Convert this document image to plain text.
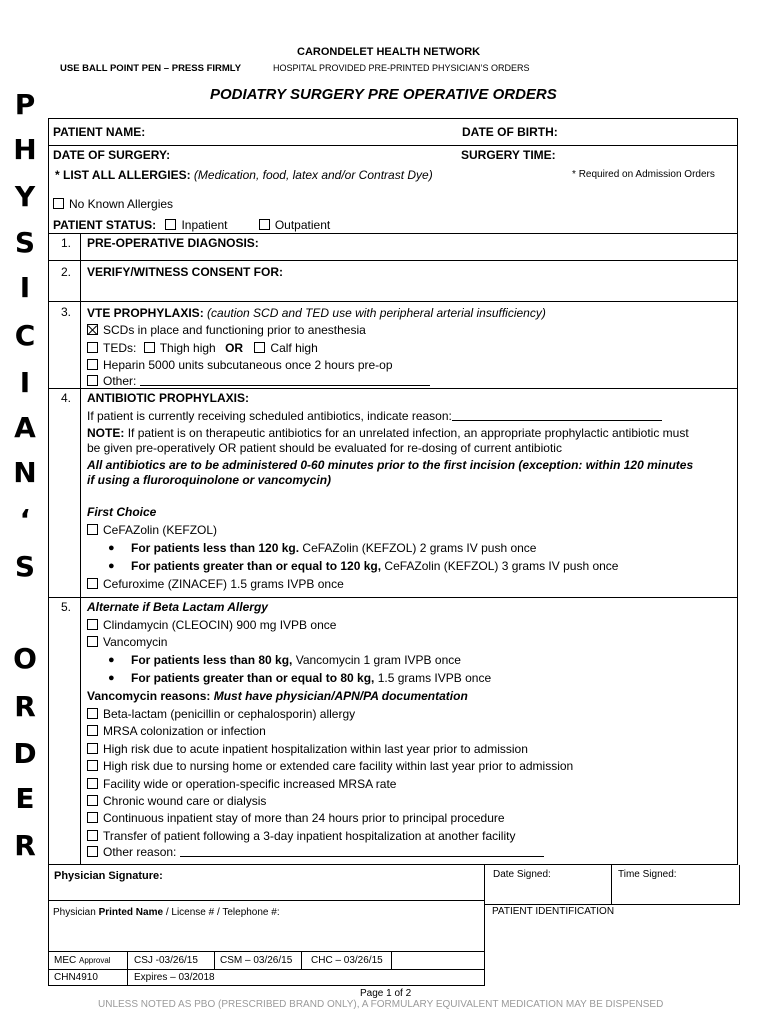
CARONDELET HEALTH NETWORK
USE BALL POINT PEN – PRESS FIRMLY	HOSPITAL PROVIDED PRE-PRINTED PHYSICIAN’S ORDERS
PODIATRY SURGERY PRE OPERATIVE ORDERS
P
H
Y
S
I
C
I
A
N
‘
S
O
R
D
E
R
PATIENT NAME:	DATE OF BIRTH:
DATE OF SURGERY:	SURGERY TIME:
* LIST ALL ALLERGIES: (Medication, food, latex and/or Contrast Dye)	* Required on Admission Orders
No Known Allergies
PATIENT STATUS: Inpatient	Outpatient
1. PRE-OPERATIVE DIAGNOSIS:
2. VERIFY/WITNESS CONSENT FOR:
3. VTE PROPHYLAXIS: (caution SCD and TED use with peripheral arterial insufficiency)
SCDs in place and functioning prior to anesthesia
TEDs: Thigh high OR Calf high
Heparin 5000 units subcutaneous once 2 hours pre-op
Other:
4. ANTIBIOTIC PROPHYLAXIS:
If patient is currently receiving scheduled antibiotics, indicate reason:
NOTE: If patient is on therapeutic antibiotics for an unrelated infection, an appropriate prophylactic antibiotic must
be given pre-operatively OR patient should be evaluated for re-dosing of current antibiotic
All antibiotics are to be administered 0-60 minutes prior to the first incision (exception: within 120 minutes
if using a fluroroquinolone or vancomycin)
First Choice
CeFAZolin (KEFZOL)
● For patients less than 120 kg. CeFAZolin (KEFZOL) 2 grams IV push once
● For patients greater than or equal to 120 kg, CeFAZolin (KEFZOL) 3 grams IV push once
Cefuroxime (ZINACEF) 1.5 grams IVPB once
5. Alternate if Beta Lactam Allergy
Clindamycin (CLEOCIN) 900 mg IVPB once
Vancomycin
● For patients less than 80 kg, Vancomycin 1 gram IVPB once
● For patients greater than or equal to 80 kg, 1.5 grams IVPB once
Vancomycin reasons: Must have physician/APN/PA documentation
Beta-lactam (penicillin or cephalosporin) allergy
MRSA colonization or infection
High risk due to acute inpatient hospitalization within last year prior to admission
High risk due to nursing home or extended care facility within last year prior to admission
Facility wide or operation-specific increased MRSA rate
Chronic wound care or dialysis
Continuous inpatient stay of more than 24 hours prior to principal procedure
Transfer of patient following a 3-day inpatient hospitalization at another facility
Other reason:
Physician Signature:	Date Signed:	Time Signed:
Physician Printed Name / License # / Telephone #:	PATIENT IDENTIFICATION
MEC Approval CSJ -03/26/15 CSM – 03/26/15 CHC – 03/26/15
CHN4910	Expires – 03/2018
Page 1 of 2
UNLESS NOTED AS PBO (PRESCRIBED BRAND ONLY), A FORMULARY EQUIVALENT MEDICATION MAY BE DISPENSED
